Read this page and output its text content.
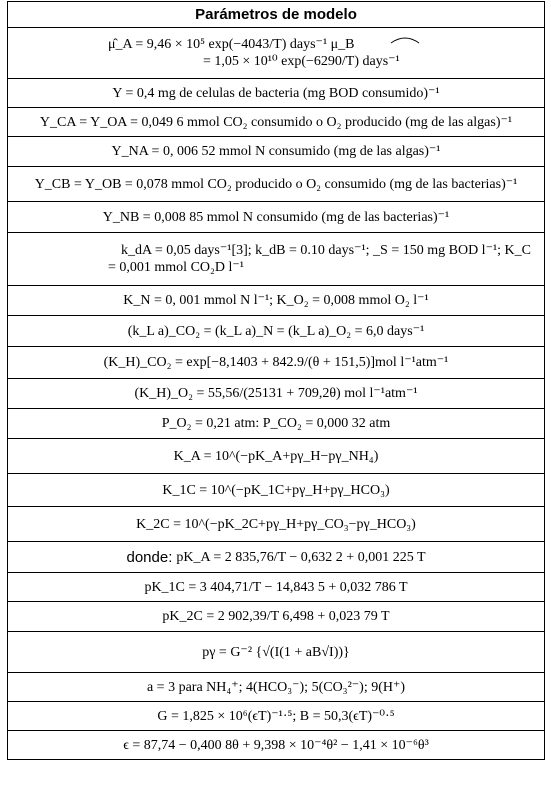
Parámetros de modelo
μ̂_A = 9,46 × 10⁵ exp(−4043/T) days⁻¹ μ_B
= 1,05 × 10¹⁰ exp(−6290/T) days⁻¹
Y = 0,4 mg de celulas de bacteria (mg BOD consumido)⁻¹
Y_CA = Y_OA = 0,049 6 mmol CO₂ consumido o O₂ producido (mg de las algas)⁻¹
Y_NA = 0, 006 52 mmol N consumido (mg de las algas)⁻¹
Y_CB = Y_OB = 0,078 mmol CO₂ producido o O₂ consumido (mg de las bacterias)⁻¹
Y_NB = 0,008 85 mmol N consumido (mg de las bacterias)⁻¹
k_dA = 0,05 days⁻¹[3]; k_dB = 0.10 days⁻¹; _S = 150 mg BOD l⁻¹; K_C
= 0,001 mmol CO₂D l⁻¹
K_N = 0, 001 mmol N l⁻¹; K_O₂ = 0,008 mmol O₂ l⁻¹
(k_L a)_CO₂ = (k_L a)_N = (k_L a)_O₂ = 6,0 days⁻¹
(K_H)_CO₂ = exp[−8,1403 + 842.9/(θ + 151,5)]mol l⁻¹atm⁻¹
(K_H)_O₂ = 55,56/(25131 + 709,2θ) mol l⁻¹atm⁻¹
P_O₂ = 0,21 atm: P_CO₂ = 0,000 32 atm
K_A = 10^(−pK_A+pγ_H−pγ_NH₄)
K_1C = 10^(−pK_1C+pγ_H+pγ_HCO₃)
K_2C = 10^(−pK_2C+pγ_H+pγ_CO₃−pγ_HCO₃)
donde: pK_A = 2 835,76/T − 0,632 2 + 0,001 225 T
pK_1C = 3 404,71/T − 14,843 5 + 0,032 786 T
pK_2C = 2 902,39/T 6,498 + 0,023 79 T
pγ = G⁻² {√(I(1 + aB√I))}
a = 3 para NH₄⁺; 4(HCO₃⁻); 5(CO₃²⁻); 9(H⁺)
G = 1,825 × 10⁶(ϵT)⁻¹·⁵; B = 50,3(ϵT)⁻⁰·⁵
ϵ = 87,74 − 0,400 8θ + 9,398 × 10⁻⁴θ² − 1,41 × 10⁻⁶θ³
